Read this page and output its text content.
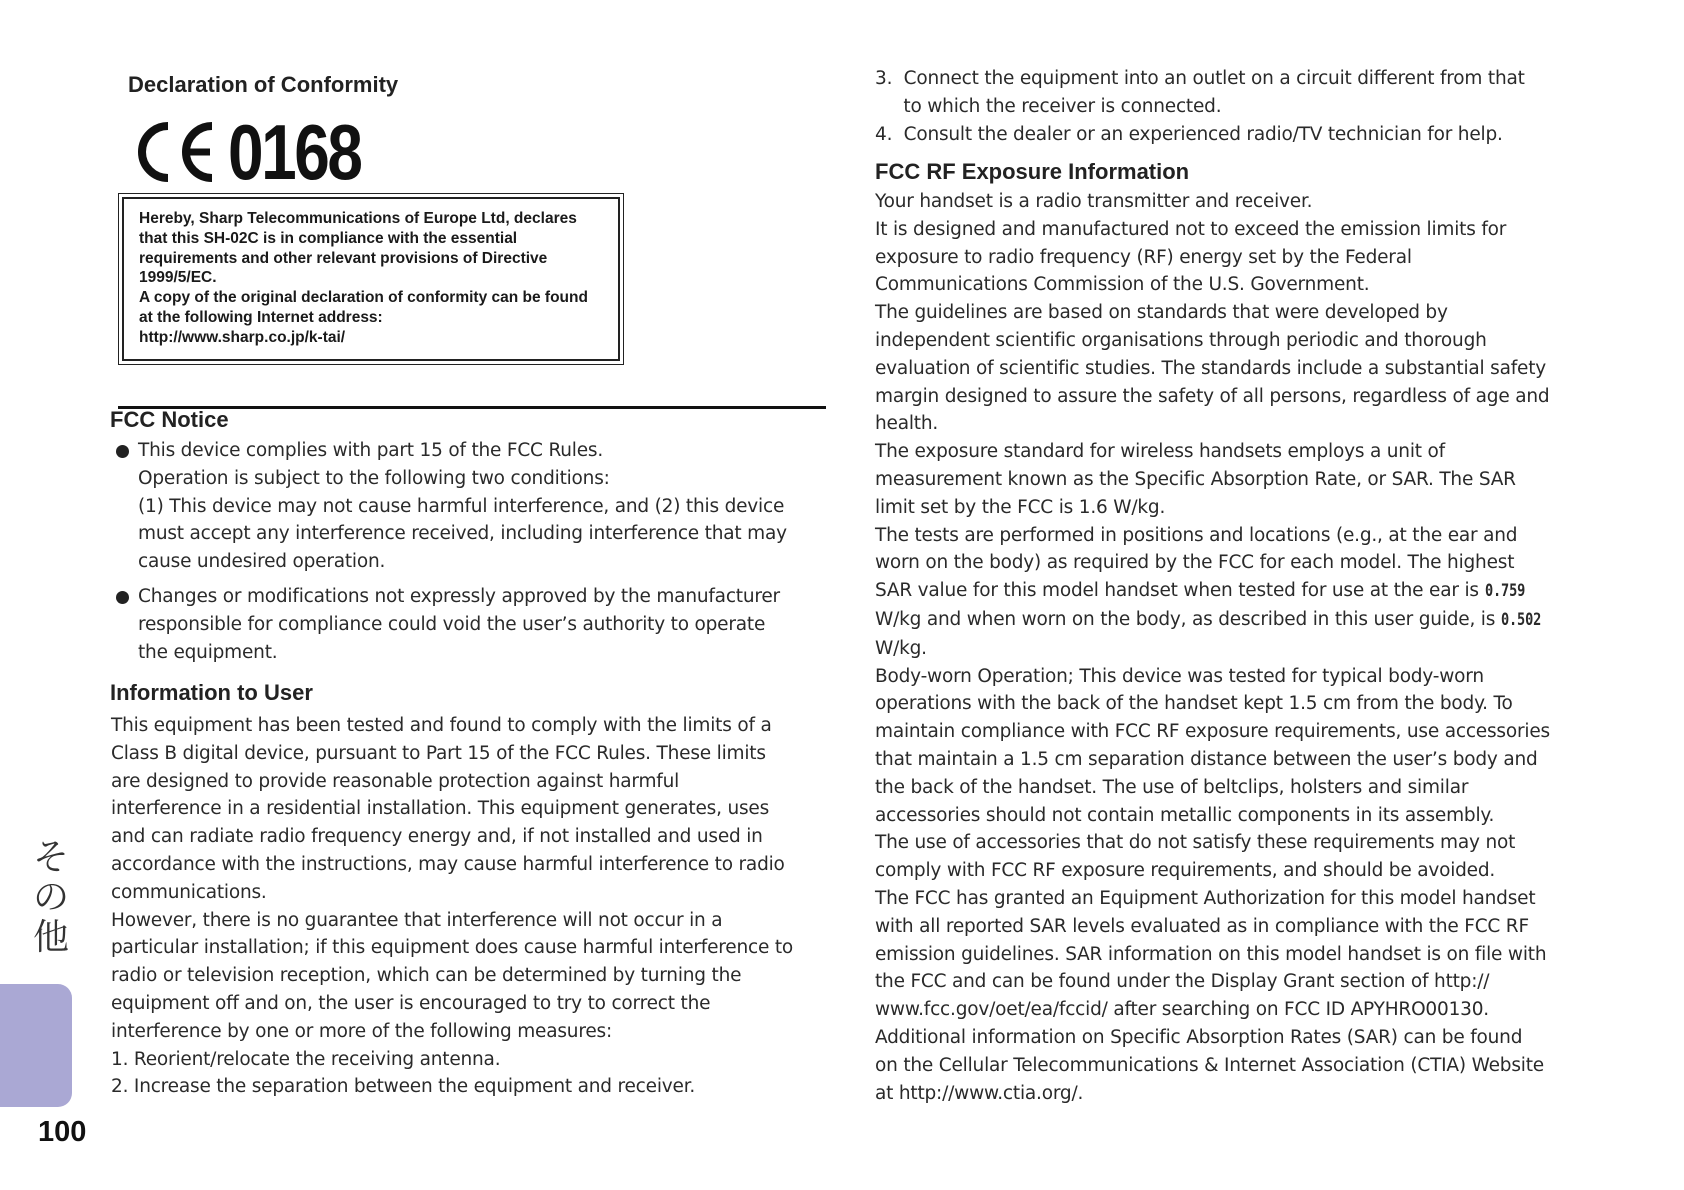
Declaration of Conformity
0168
Hereby, Sharp Telecommunications of Europe Ltd, declares
that this SH-02C is in compliance with the essential
requirements and other relevant provisions of Directive
1999/5/EC.
A copy of the original declaration of conformity can be found
at the following Internet address:
http://www.sharp.co.jp/k-tai/
FCC Notice
This device complies with part 15 of the FCC Rules.
Operation is subject to the following two conditions:
(1) This device may not cause harmful interference, and (2) this device
must accept any interference received, including interference that may
cause undesired operation.
Changes or modifications not expressly approved by the manufacturer
responsible for compliance could void the user’s authority to operate
the equipment.
Information to User
This equipment has been tested and found to comply with the limits of a
Class B digital device, pursuant to Part 15 of the FCC Rules. These limits
are designed to provide reasonable protection against harmful
interference in a residential installation. This equipment generates, uses
and can radiate radio frequency energy and, if not installed and used in
accordance with the instructions, may cause harmful interference to radio
communications.
However, there is no guarantee that interference will not occur in a
particular installation; if this equipment does cause harmful interference to
radio or television reception, which can be determined by turning the
equipment off and on, the user is encouraged to try to correct the
interference by one or more of the following measures:
1. Reorient/relocate the receiving antenna.
2. Increase the separation between the equipment and receiver.
3.  Connect the equipment into an outlet on a circuit different from that
to which the receiver is connected.
4.  Consult the dealer or an experienced radio/TV technician for help.
FCC RF Exposure Information
Your handset is a radio transmitter and receiver.
It is designed and manufactured not to exceed the emission limits for
exposure to radio frequency (RF) energy set by the Federal
Communications Commission of the U.S. Government.
The guidelines are based on standards that were developed by
independent scientific organisations through periodic and thorough
evaluation of scientific studies. The standards include a substantial safety
margin designed to assure the safety of all persons, regardless of age and
health.
The exposure standard for wireless handsets employs a unit of
measurement known as the Specific Absorption Rate, or SAR. The SAR
limit set by the FCC is 1.6 W/kg.
The tests are performed in positions and locations (e.g., at the ear and
worn on the body) as required by the FCC for each model. The highest
SAR value for this model handset when tested for use at the ear is 0.759
W/kg and when worn on the body, as described in this user guide, is 0.502
W/kg.
Body-worn Operation; This device was tested for typical body-worn
operations with the back of the handset kept 1.5 cm from the body. To
maintain compliance with FCC RF exposure requirements, use accessories
that maintain a 1.5 cm separation distance between the user’s body and
the back of the handset. The use of beltclips, holsters and similar
accessories should not contain metallic components in its assembly.
The use of accessories that do not satisfy these requirements may not
comply with FCC RF exposure requirements, and should be avoided.
The FCC has granted an Equipment Authorization for this model handset
with all reported SAR levels evaluated as in compliance with the FCC RF
emission guidelines. SAR information on this model handset is on file with
the FCC and can be found under the Display Grant section of http://
www.fcc.gov/oet/ea/fccid/ after searching on FCC ID APYHRO00130.
Additional information on Specific Absorption Rates (SAR) can be found
on the Cellular Telecommunications & Internet Association (CTIA) Website
at http://www.ctia.org/.
そ
の
他
100
